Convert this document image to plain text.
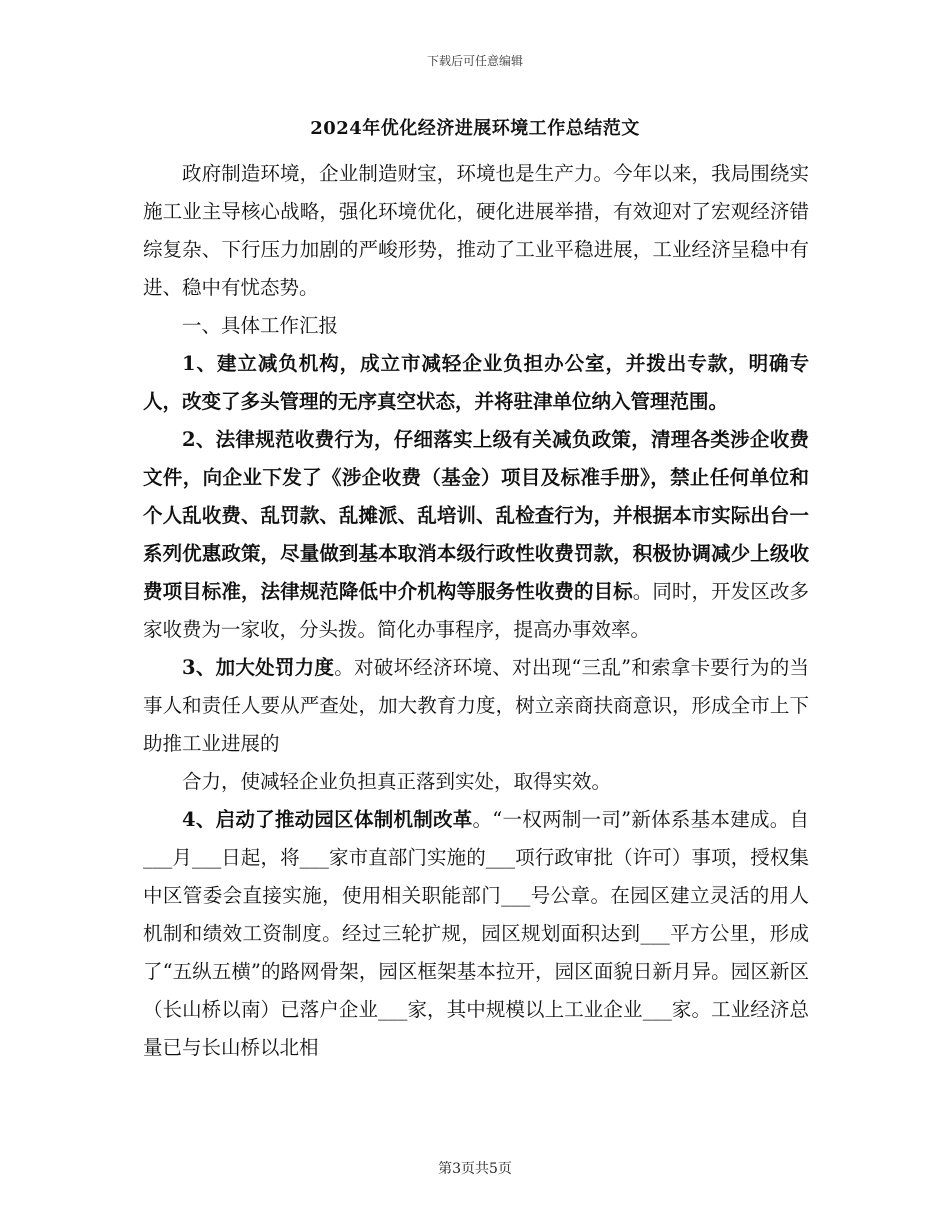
下载后可任意编辑
2024年优化经济进展环境工作总结范文

政府制造环境，企业制造财宝，环境也是生产力。今年以来，我局围绕实施工业主导核心战略，强化环境优化，硬化进展举措，有效迎对了宏观经济错综复杂、下行压力加剧的严峻形势，推动了工业平稳进展，工业经济呈稳中有进、稳中有忧态势。

一、具体工作汇报

1、建立减负机构，成立市减轻企业负担办公室，并拨出专款，明确专人，改变了多头管理的无序真空状态，并将驻津单位纳入管理范围。

2、法律规范收费行为，仔细落实上级有关减负政策，清理各类涉企收费文件，向企业下发了《涉企收费（基金）项目及标准手册》，禁止任何单位和个人乱收费、乱罚款、乱摊派、乱培训、乱检查行为，并根据本市实际出台一系列优惠政策，尽量做到基本取消本级行政性收费罚款，积极协调减少上级收费项目标准，法律规范降低中介机构等服务性收费的目标。同时，开发区改多家收费为一家收，分头拨。简化办事程序，提高办事效率。

3、加大处罚力度。对破坏经济环境、对出现“三乱”和索拿卡要行为的当事人和责任人要从严查处，加大教育力度，树立亲商扶商意识，形成全市上下助推工业进展的

合力，使减轻企业负担真正落到实处，取得实效。

4、启动了推动园区体制机制改革。“一权两制一司”新体系基本建成。自___月___日起，将___家市直部门实施的___项行政审批（许可）事项，授权集中区管委会直接实施，使用相关职能部门___号公章。在园区建立灵活的用人机制和绩效工资制度。经过三轮扩规，园区规划面积达到___平方公里，形成了“五纵五横”的路网骨架，园区框架基本拉开，园区面貌日新月异。园区新区（长山桥以南）已落户企业___家，其中规模以上工业企业___家。工业经济总量已与长山桥以北相

第3页共5页
